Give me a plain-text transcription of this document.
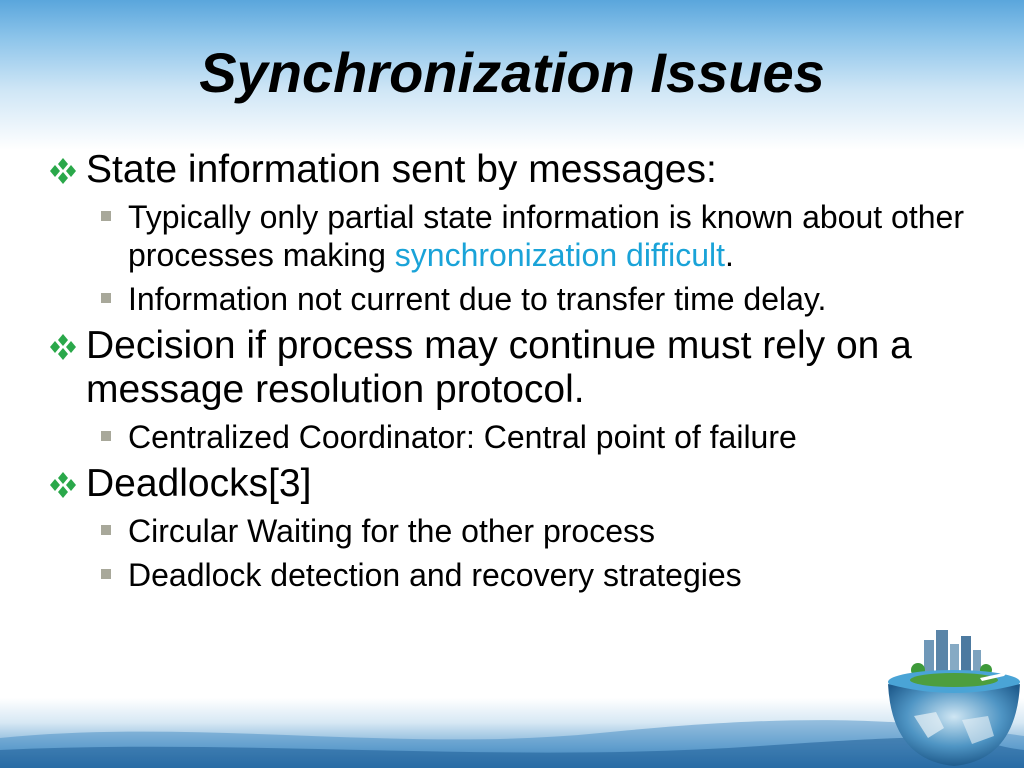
Synchronization Issues
State information sent by messages:
Typically only partial state information is known about other processes making synchronization difficult.
Information not current due to transfer time delay.
Decision if process may continue must rely on a message resolution protocol.
Centralized Coordinator: Central point of failure
Deadlocks[3]
Circular Waiting for the other process
Deadlock detection and recovery strategies
